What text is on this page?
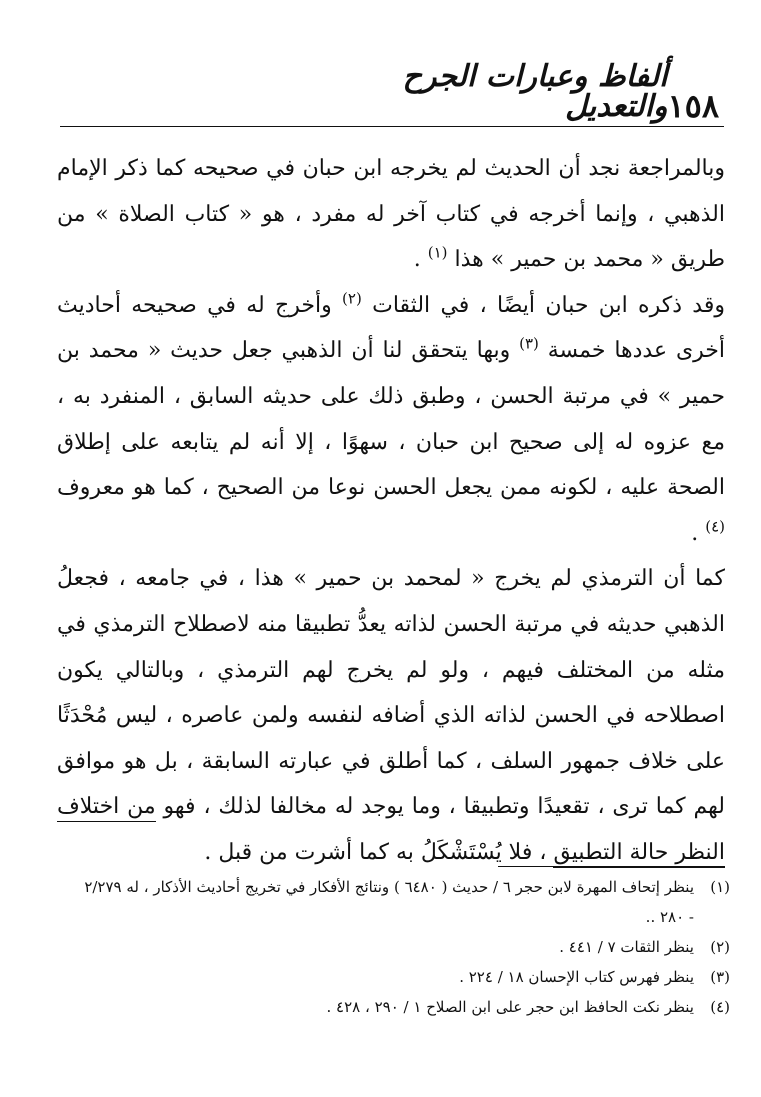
١٥٨
ألفاظ وعبارات الجرح والتعديل

وبالمراجعة نجد أن الحديث لم يخرجه ابن حبان في صحيحه كما ذكر الإمام الذهبي ، وإنما أخرجه في كتاب آخر له مفرد ، هو « كتاب الصلاة » من طريق « محمد بن حمير » هذا $^{(١)}$ .

وقد ذكره ابن حبان أيضًا ، في الثقات $^{(٢)}$ وأخرج له في صحيحه أحاديث أخرى عددها خمسة $^{(٣)}$ وبها يتحقق لنا أن الذهبي جعل حديث « محمد بن حمير » في مرتبة الحسن ، وطبق ذلك على حديثه السابق ، المنفرد به ، مع عزوه له إلى صحيح ابن حبان ، سهوًا ، إلا أنه لم يتابعه على إطلاق الصحة عليه ، لكونه ممن يجعل الحسن نوعا من الصحيح ، كما هو معروف $^{(٤)}$ .

كما أن الترمذي لم يخرج « لمحمد بن حمير » هذا ، في جامعه ، فجعلُ الذهبي حديثه في مرتبة الحسن لذاته يعدُّ تطبيقا منه لاصطلاح الترمذي في مثله من المختلف فيهم ، ولو لم يخرج لهم الترمذي ، وبالتالي يكون اصطلاحه في الحسن لذاته الذي أضافه لنفسه ولمن عاصره ، ليس مُحْدَثًا على خلاف جمهور السلف ، كما أطلق في عبارته السابقة ، بل هو موافق لهم كما ترى ، تقعيدًا وتطبيقا ، وما يوجد له مخالفا لذلك ، فهو من اختلاف النظر حالة التطبيق ، فلا يُسْتَشْكَلُ به كما أشرت من قبل .

(١)
ينظر إتحاف المهرة لابن حجر ٦ / حديث ( ٦٤٨٠ ) ونتائج الأفكار في تخريج أحاديث الأذكار ، له ٢/٢٧٩ - ٢٨٠ ..
(٢)
ينظر الثقات ٧ / ٤٤١ .
(٣)
ينظر فهرس كتاب الإحسان ١٨ / ٢٢٤ .
(٤)
ينظر نكت الحافظ ابن حجر على ابن الصلاح ١ / ٢٩٠ ، ٤٢٨ .
